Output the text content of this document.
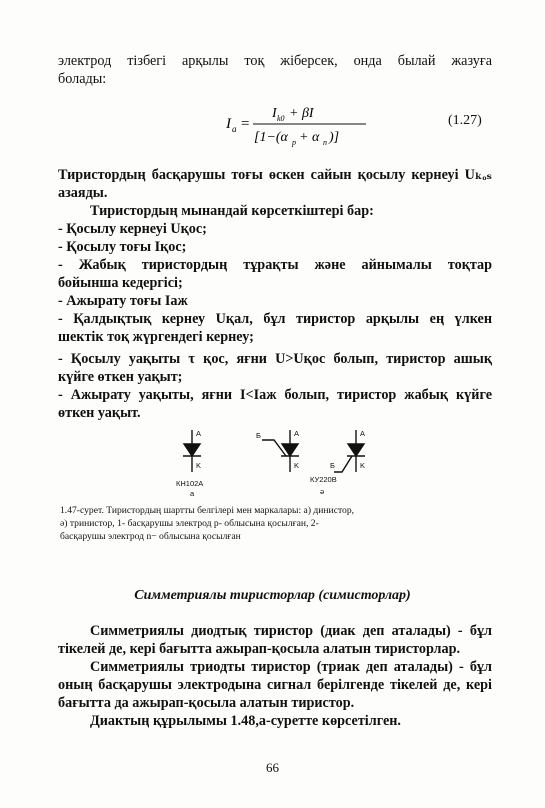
электрод тізбегі арқылы тоқ жіберсек, онда былай жазуға
болады:
I a =
I k0 + βI
[1−(α p + α n )]
(1.27)
Тиристордың басқарушы тоғы өскен сайын қосылу кернеуі Uₖₒₛ
азаяды.
Тиристордың мынандай көрсеткіштері бар:
- Қосылу кернеуі Uқос;
- Қосылу тоғы Iқос;
- Жабық тиристордың тұрақты және айнымалы тоқтар
бойынша кедергісі;
- Ажырату тоғы Iаж
- Қалдықтық кернеу Uқал, бұл тиристор арқылы ең үлкен
шектік тоқ жүргендегі кернеу;
- Қосылу уақыты τ қос, яғни U>Uқос болып, тиристор ашық
күйге өткен уақыт;
- Ажырату уақыты, яғни I<Iаж болып, тиристор жабық күйге
өткен уақыт.
A
K
КН102А
A
Б
K
A
Б	K
КУ220В
а	ә
1.47-сурет. Тиристордың шартты белгілері мен маркалары: а) динистор,
ә) тринистор, 1- басқарушы электрод р- облысына қосылған, 2-
басқарушы электрод n− облысына қосылған
Симметриялы тиристорлар (симисторлар)
Симметриялы диодтық тиристор (диак деп аталады) - бұл
тікелей де, кері бағытта ажырап-қосыла алатын тиристорлар.
Симметриялы триодты тиристор (триак деп аталады) - бұл
оның басқарушы электродына сигнал берілгенде тікелей де, кері
бағытта да ажырап-қосыла алатын тиристор.
Диактың құрылымы 1.48,а-суретте көрсетілген.
66
